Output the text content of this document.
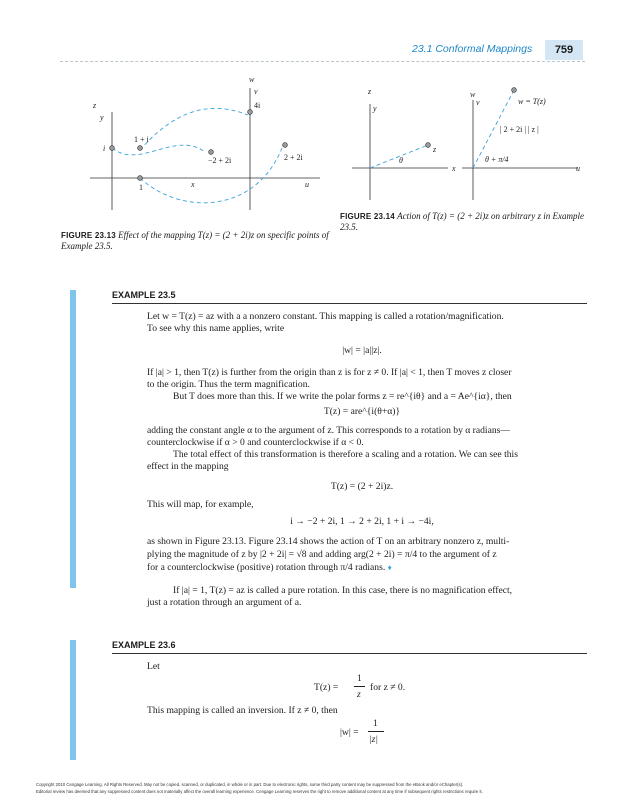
23.1 Conformal Mappings	759
w
v
z
y
4i
1 + i
i
−2 + 2i	2 + 2i
1	x	u
FIGURE 23.13 Effect of the mapping T(z) = (2 + 2i)z on specific points of Example 23.5.
z
y
x
θ
z
w
v	w = T(z)
| 2 + 2i | | z |
θ + π/4
u
FIGURE 23.14 Action of T(z) = (2 + 2i)z on arbitrary z in Example 23.5.
EXAMPLE 23.5
Let w = T(z) = az with a a nonzero constant. This mapping is called a rotation/magnification.
To see why this name applies, write
|w| = |a||z|.
If |a| > 1, then T(z) is further from the origin than z is for z ≠ 0. If |a| < 1, then T moves z closer
to the origin. Thus the term magnification.
But T does more than this. If we write the polar forms z = re^{iθ} and a = Ae^{iα}, then
T(z) = are^{i(θ+α)}
adding the constant angle α to the argument of z. This corresponds to a rotation by α radians—
counterclockwise if α > 0 and counterclockwise if α < 0.
The total effect of this transformation is therefore a scaling and a rotation. We can see this
effect in the mapping
T(z) = (2 + 2i)z.
This will map, for example,
i → −2 + 2i, 1 → 2 + 2i, 1 + i → −4i,
as shown in Figure 23.13. Figure 23.14 shows the action of T on an arbitrary nonzero z, multi-
plying the magnitude of z by |2 + 2i| = √8 and adding arg(2 + 2i) = π/4 to the argument of z
for a counterclockwise (positive) rotation through π/4 radians. ♦
If |a| = 1, T(z) = az is called a pure rotation. In this case, there is no magnification effect,
just a rotation through an argument of a.
EXAMPLE 23.6
Let
T(z) =
1
z
for z ≠ 0.
This mapping is called an inversion. If z ≠ 0, then
|w| =
1
|z|
Copyright 2010 Cengage Learning. All Rights Reserved. May not be copied, scanned, or duplicated, in whole or in part. Due to electronic rights, some third party content may be suppressed from the eBook and/or eChapter(s).
Editorial review has deemed that any suppressed content does not materially affect the overall learning experience. Cengage Learning reserves the right to remove additional content at any time if subsequent rights restrictions require it.
